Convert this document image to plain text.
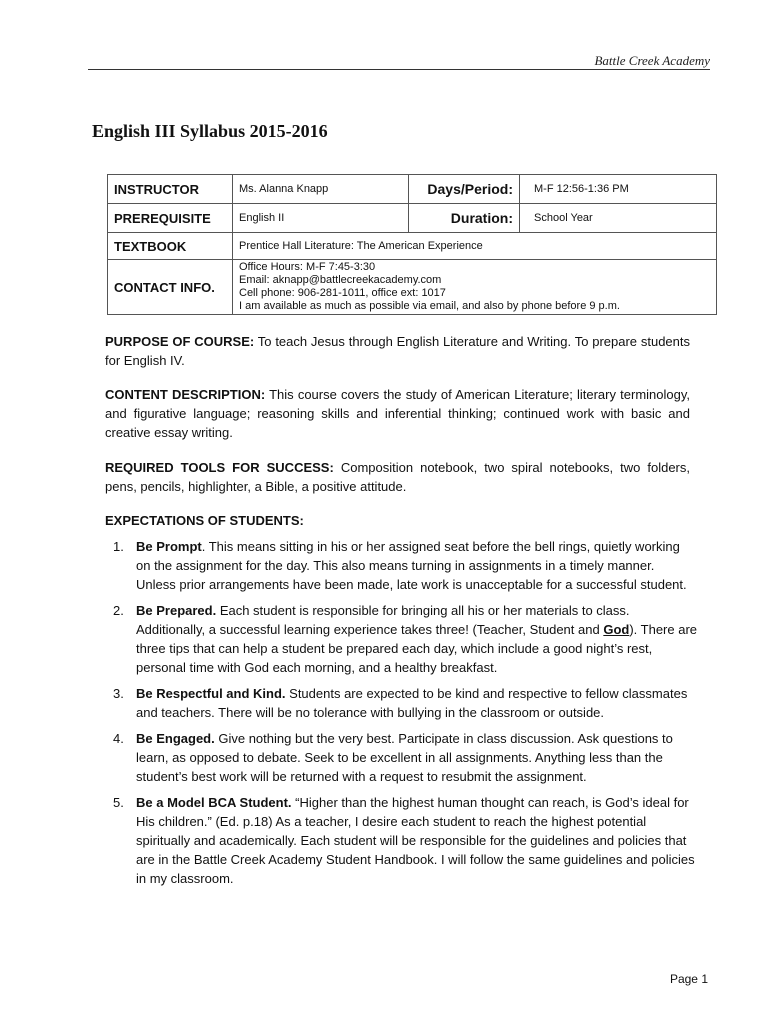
Battle Creek Academy
English III Syllabus 2015-2016
INSTRUCTOR	Ms. Alanna Knapp	Days/Period:	M-F 12:56-1:36 PM
PREREQUISITE	English II	Duration:	School Year
TEXTBOOK	Prentice Hall Literature: The American Experience		
CONTACT INFO.	Office Hours: M-F 7:45-3:30
Email: aknapp@battlecreekacademy.com
Cell phone: 906-281-1011, office ext: 1017
I am available as much as possible via email, and also by phone before 9 p.m.		
PURPOSE OF COURSE: To teach Jesus through English Literature and Writing. To prepare students for English IV.
CONTENT DESCRIPTION: This course covers the study of American Literature; literary terminology, and figurative language; reasoning skills and inferential thinking; continued work with basic and creative essay writing.
REQUIRED TOOLS FOR SUCCESS: Composition notebook, two spiral notebooks, two folders, pens, pencils, highlighter, a Bible, a positive attitude.
EXPECTATIONS OF STUDENTS:
1. Be Prompt. This means sitting in his or her assigned seat before the bell rings, quietly working on the assignment for the day. This also means turning in assignments in a timely manner. Unless prior arrangements have been made, late work is unacceptable for a successful student.
2. Be Prepared. Each student is responsible for bringing all his or her materials to class. Additionally, a successful learning experience takes three! (Teacher, Student and God). There are three tips that can help a student be prepared each day, which include a good night’s rest, personal time with God each morning, and a healthy breakfast.
3. Be Respectful and Kind. Students are expected to be kind and respective to fellow classmates and teachers. There will be no tolerance with bullying in the classroom or outside.
4. Be Engaged. Give nothing but the very best. Participate in class discussion. Ask questions to learn, as opposed to debate. Seek to be excellent in all assignments. Anything less than the student’s best work will be returned with a request to resubmit the assignment.
5. Be a Model BCA Student. “Higher than the highest human thought can reach, is God’s ideal for His children.” (Ed. p.18) As a teacher, I desire each student to reach the highest potential spiritually and academically. Each student will be responsible for the guidelines and policies that are in the Battle Creek Academy Student Handbook. I will follow the same guidelines and policies in my classroom.
Page 1
